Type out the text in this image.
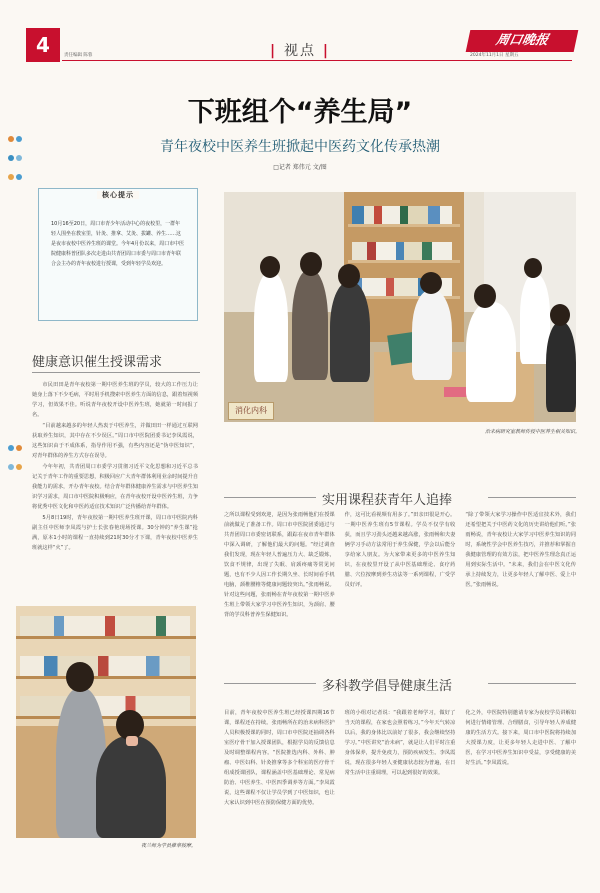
4	责任编辑 陈蓉	| 视点 |
周口晚报
2024年11月1日 星期五

下班组个“养生局”
青年夜校中医养生班掀起中医药文化传承热潮
□记者 郑伟元 文/图
核心提示
10月16至20日，周口市青少年活动中心的夜校里，一群年轻人围坐在教室里，针灸、推拿、艾灸、拔罐、养生……这是夜市夜校中医养生班的课堂。今年4月份以来，周口市中医院健康科普团队多次走进由共青团周口市委与周口市青年联合会主办的青年夜校进行授课，受到年轻学员欢迎。
健康意识催生授课需求

市民田田是青年夜校第一期中医养生班的学员，较大的工作压力让她身上落下不少毛病，平时用手机搜索中医养生方面的信息，跟着短视频学习，但效果不佳。听说青年夜校开设中医养生班，她就第一时间报了名。

“目前越来越多的年轻人热衷于中医养生，并做田田一样通过互联网获取养生知识，其中存在不少误区。”周口市中医院团委书记李凤霞说，这些知识由于不成体系，指导作用不强，有些内容还是“伪中医知识”，对青年群体的养生方式存在误导。

今年年初，共青团周口市委学习贯彻习近平文化思想和习近平总书记关于青年工作的重要思想，积极回应广大青年群体利用业余时间提升自我能力的需求，开办青年夜校。结合青年群体健康养生需求与中医养生知识学习需求，周口市中医院积极响应，在青年夜校开设中医养生班，力争将优秀中医文化和中医药适宜技术知识广泛传播给青年群体。

5月8日19时，青年夜校第一期中医养生班开课，周口市中医院内科副主任中医师李凤霞与护士长张春艳现场授课。30分钟的“养生课”抢满，原本1小时的课程一直持续到21时30分才下课，青年夜校中医养生班就这样“火”了。

消化内科
治未病研究室教师传授中医养生相关知识。
实用课程获青年人追捧
之所以课程受到欢迎，是因为张雨畅他们在授课前就做足了准备工作。周口市中医院团委通过与共青团周口市委密切联系，跟踪在夜市青年群体中深入调研，了解他们最大的问题。“经过调查我们发现，现在年轻人普遍压力大、缺乏锻炼，饮食不规律，出现了失眠、肩颈疼痛等常见问题，也有不少人因工作长期久坐、长时间看手机电脑，颈椎腰椎等健康问题较突出。”张雨畅说。针对这些问题，张雨畅在青年夜校第一期中医养生班上带领大家学习中医养生知识，为颈肩、腰背的学员科普养生保健知识。
作，这可比看视频有用多了。”田亲田很是开心。一期中医养生班有5节课程。学员不仅学有收获，而且学习劲头还越来越高涨，张雨畅和夫妻俩学习手动方法常用于养生保健，学会以后能分享给家人朋友。为大家带来更多的中医养生知识，在夜校里开设了从中医基础理论、食疗药膳、穴位按摩到养生功法等一系列课程，广受学员好评。
“除了带领大家学习操作中医适宜技术外，我们还希望把关于中医药文化的历史讲给他们听。”张雨畅说，青年夜校让大家学习中医养生知识的同时，系统性学会中医养生技巧，并推荐和掌握自我健康管理的有效方法，把中医养生理念真正运用到实际生活中。“未来，我们会在中医文化传承上持续发力，让更多年轻人了解中医、爱上中医。”张雨畅说。
夜兰师为学员推拿按摩。
多科教学倡导健康生活
目前，青年夜校中医养生班已经授课四期16节课，课程还在持续。张雨畅所在的治未病科医护人员积极授课的同时，周口市中医院还抽调各科室医疗骨干加入授课团队，根据学员的反馈信息及时调整课程内容。“医院推选内科、外科、肿瘤、中医妇科、针灸推拿等多个科室的医疗骨干组成授课团队，课程涵盖中医基础理论、常见病防治、中医养生、中医四季调养等方面。”李凤霞说，这些课程不仅让学员学到了中医知识，也让大家认识到中医在预防保健方面的优势。
班的小组对记者说：“我跟着老师学习，做好了当天的课程，在家也会照着练习。”今年天气转凉以后，我的身体比以前好了很多，我会继续坚持学习。”中医讲究“治未病”，就是让人们平时注重身体保养，提升免疫力，预防疾病发生。李凤霞说，现在很多年轻人亚健康状态较为普遍，在日常生活中注重调理，可以起到很好的效果。
化之外，中医院特别邀请专家为夜校学员讲解如何进行情绪管理、合理膳食，引导年轻人养成健康的生活方式。接下来，周口市中医院将持续加大授课力度，让更多年轻人走进中医、了解中医，在学习中医养生知识中受益，享受健康的美好生活。”李凤霞说。
